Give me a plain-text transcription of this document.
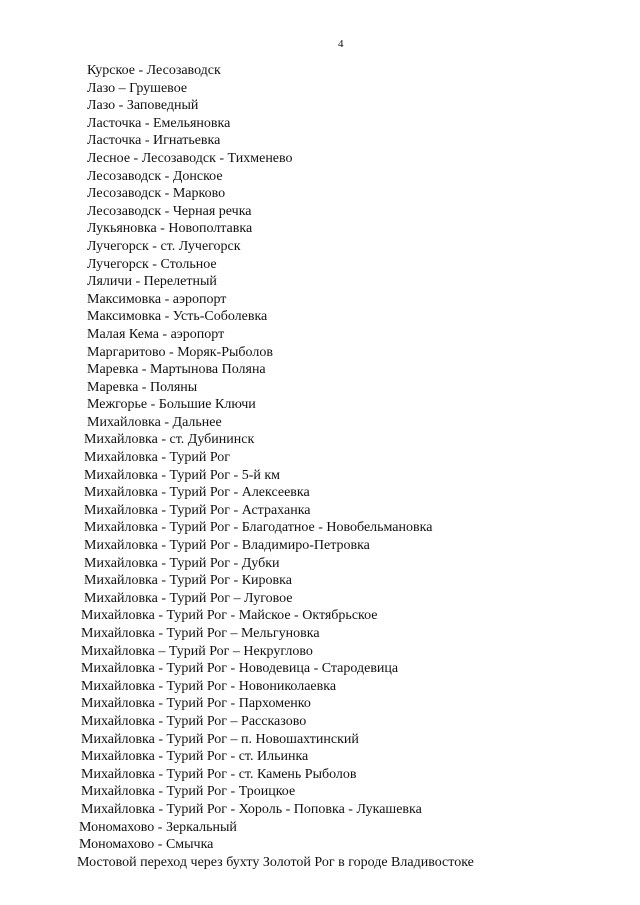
4
Курское - Лесозаводск
Лазо – Грушевое
Лазо - Заповедный
Ласточка - Емельяновка
Ласточка - Игнатьевка
Лесное - Лесозаводск - Тихменево
Лесозаводск - Донское
Лесозаводск - Марково
Лесозаводск - Черная речка
Лукьяновка - Новополтавка
Лучегорск - ст. Лучегорск
Лучегорск - Стольное
Ляличи - Перелетный
Максимовка - аэропорт
Максимовка - Усть-Соболевка
Малая Кема - аэропорт
Маргаритово - Моряк-Рыболов
Маревка - Мартынова Поляна
Маревка - Поляны
Межгорье - Большие Ключи
Михайловка - Дальнее
Михайловка - ст. Дубининск
Михайловка - Турий Рог
Михайловка - Турий Рог - 5-й км
Михайловка - Турий Рог - Алексеевка
Михайловка - Турий Рог - Астраханка
Михайловка - Турий Рог - Благодатное - Новобельмановка
Михайловка - Турий Рог - Владимиро-Петровка
Михайловка - Турий Рог - Дубки
Михайловка - Турий Рог - Кировка
Михайловка - Турий Рог – Луговое
Михайловка - Турий Рог - Майское - Октябрьское
Михайловка - Турий Рог – Мельгуновка
Михайловка – Турий Рог – Некруглово
Михайловка - Турий Рог - Новодевица - Стародевица
Михайловка - Турий Рог - Новониколаевка
Михайловка - Турий Рог - Пархоменко
Михайловка - Турий Рог – Рассказово
Михайловка - Турий Рог – п. Новошахтинский
Михайловка - Турий Рог - ст. Ильинка
Михайловка - Турий Рог - ст. Камень Рыболов
Михайловка - Турий Рог - Троицкое
Михайловка - Турий Рог - Хороль - Поповка - Лукашевка
Мономахово - Зеркальный
Мономахово - Смычка
Мостовой переход через бухту Золотой Рог в городе Владивостоке
